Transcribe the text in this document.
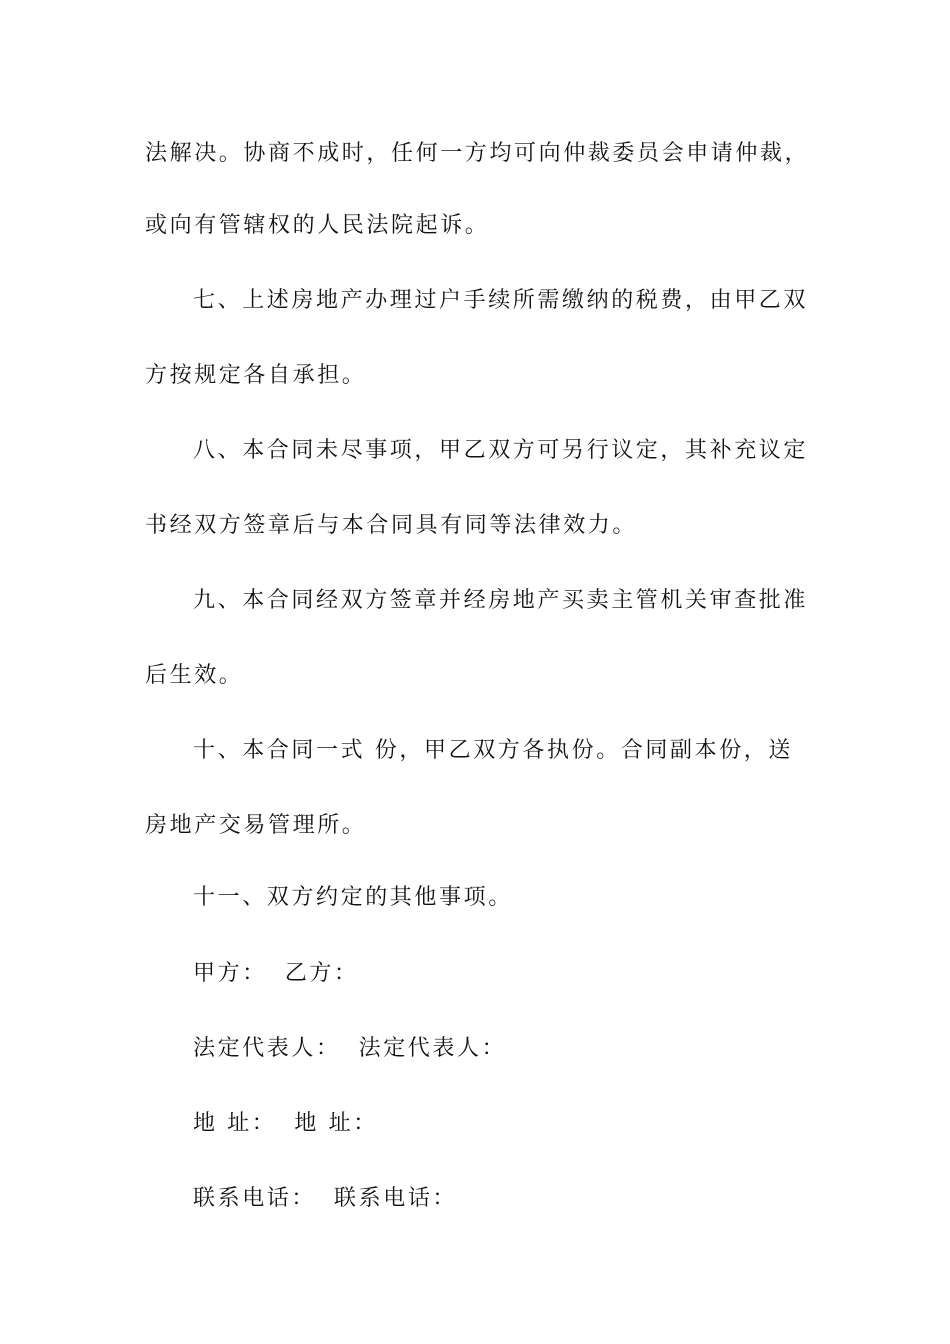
法解决。协商不成时，任何一方均可向仲裁委员会申请仲裁，
或向有管辖权的人民法院起诉。
七、上述房地产办理过户手续所需缴纳的税费，由甲乙双
方按规定各自承担。
八、本合同未尽事项，甲乙双方可另行议定，其补充议定
书经双方签章后与本合同具有同等法律效力。
九、本合同经双方签章并经房地产买卖主管机关审查批准
后生效。
十、本合同一式 份，甲乙双方各执份。合同副本份，送
房地产交易管理所。
十一、双方约定的其他事项。
甲方： 乙方：
法定代表人： 法定代表人：
地 址： 地 址：
联系电话： 联系电话：
